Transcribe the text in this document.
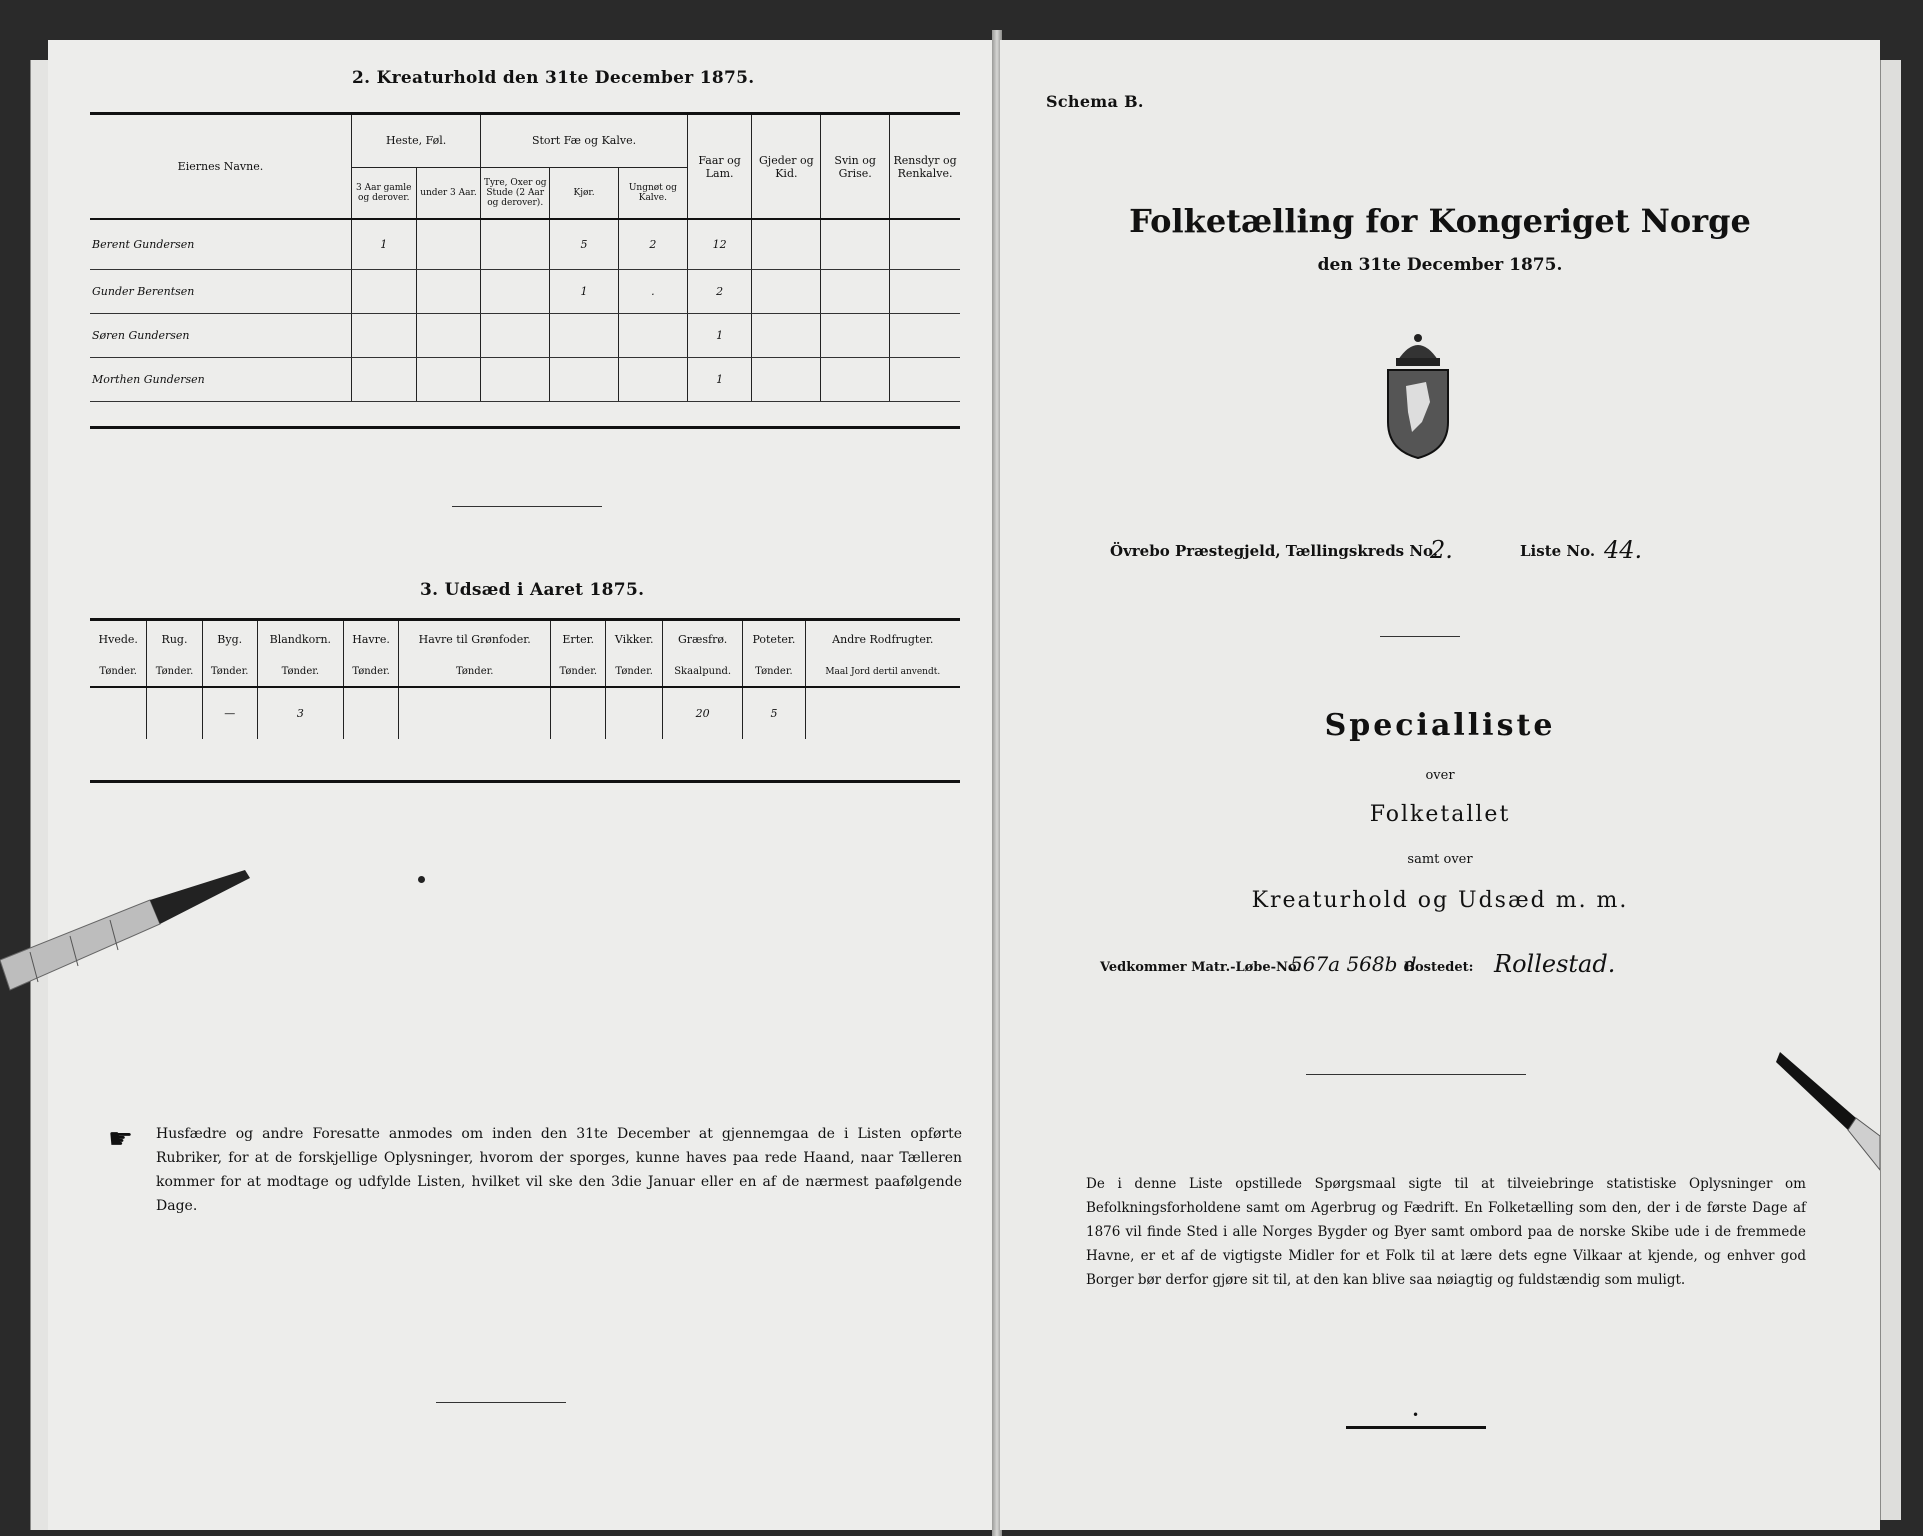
2. Kreaturhold den 31te December 1875.
Eiernes Navne.	Heste, Føl.		Stort Fæ og Kalve.			Faar og Lam.	Gjeder og Kid.	Svin og Grise.	Rensdyr og Renkalve.
	3 Aar gamle og derover.	under 3 Aar.	Tyre, Oxer og Stude (2 Aar og derover).	Kjør.	Ungnøt og Kalve.				
Berent Gundersen	1			5	2	12			
Gunder Berentsen				1	.	2			
Søren Gundersen						1			
Morthen Gundersen						1			
3. Udsæd i Aaret 1875.
Hvede.	Rug.	Byg.	Blandkorn.	Havre.	Havre til Grønfoder.	Erter.	Vikker.	Græsfrø.	Poteter.	Andre Rodfrugter.
Tønder.	Tønder.	Tønder.	Tønder.	Tønder.	Tønder.	Tønder.	Tønder.	Skaalpund.	Tønder.	Maal Jord dertil anvendt.
		—	3					20	5	
☛ Husfædre og andre Foresatte anmodes om inden den 31te December at gjennemgaa de i Listen opførte Rubriker, for at de forskjellige Oplysninger, hvorom der sporges, kunne haves paa rede Haand, naar Tælleren kommer for at modtage og udfylde Listen, hvilket vil ske den 3die Januar eller en af de nærmest paafølgende Dage.
Schema B.
Folketælling for Kongeriget Norge
den 31te December 1875.
Övrebo Præstegjeld, Tællingskreds No.
2.	Liste No. 44.
Specialliste
over
Folketallet
samt over
Kreaturhold og Udsæd m. m.
Vedkommer Matr.-Løbe-No.
567a 568b d
Bostedet: Rollestad.
De i denne Liste opstillede Spørgsmaal sigte til at tilveiebringe statistiske Oplysninger om Befolkningsforholdene samt om Agerbrug og Fædrift. En Folketælling som den, der i de første Dage af 1876 vil finde Sted i alle Norges Bygder og Byer samt ombord paa de norske Skibe ude i de fremmede Havne, er et af de vigtigste Midler for et Folk til at lære dets egne Vilkaar at kjende, og enhver god Borger bør derfor gjøre sit til, at den kan blive saa nøiagtig og fuldstændig som muligt.
•
